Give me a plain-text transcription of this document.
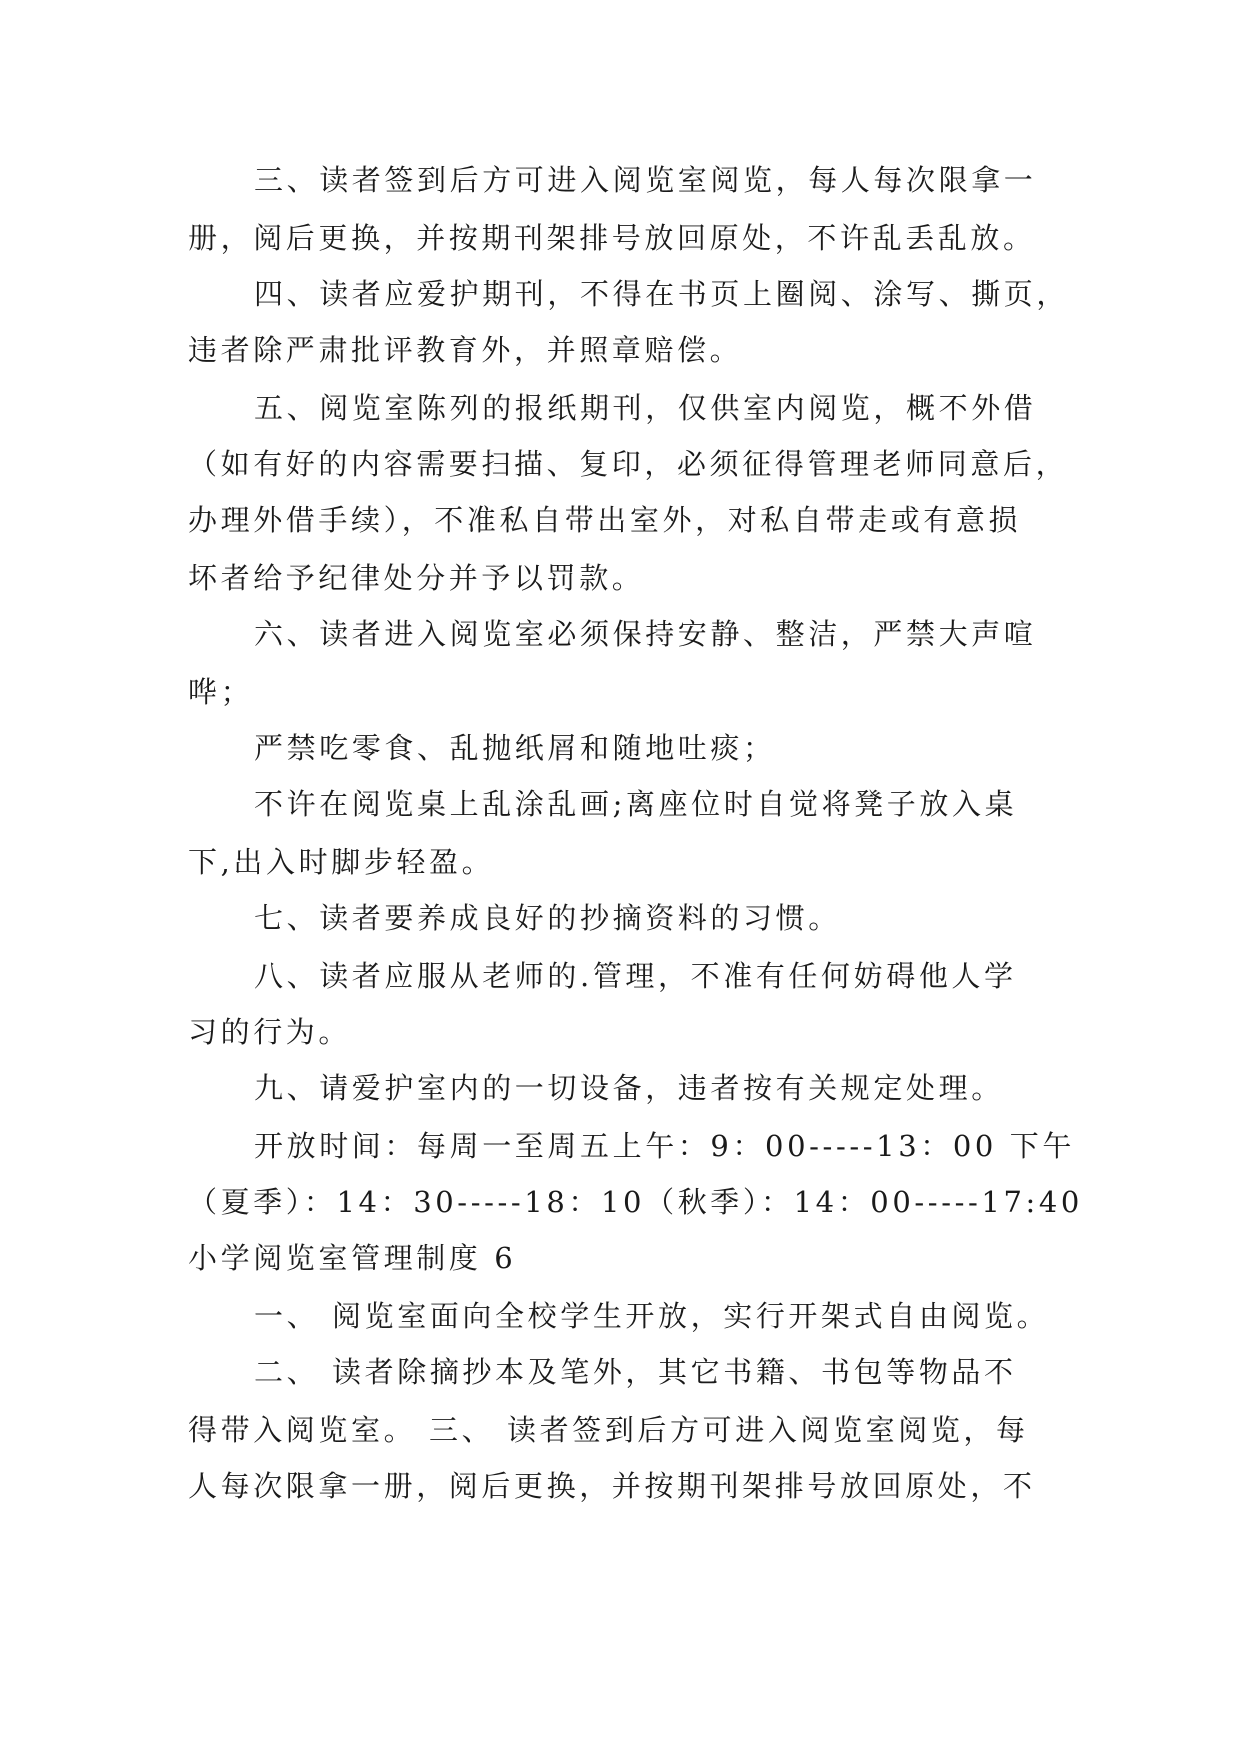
三、读者签到后方可进入阅览室阅览，每人每次限拿一
册，阅后更换，并按期刊架排号放回原处，不许乱丢乱放。
四、读者应爱护期刊，不得在书页上圈阅、涂写、撕页，
违者除严肃批评教育外，并照章赔偿。
五、阅览室陈列的报纸期刊，仅供室内阅览，概不外借
（如有好的内容需要扫描、复印，必须征得管理老师同意后，
办理外借手续），不准私自带出室外，对私自带走或有意损
坏者给予纪律处分并予以罚款。
六、读者进入阅览室必须保持安静、整洁，严禁大声喧
哗；
严禁吃零食、乱抛纸屑和随地吐痰；
不许在阅览桌上乱涂乱画;离座位时自觉将凳子放入桌
下,出入时脚步轻盈。
七、读者要养成良好的抄摘资料的习惯。
八、读者应服从老师的.管理，不准有任何妨碍他人学
习的行为。
九、请爱护室内的一切设备，违者按有关规定处理。
开放时间：每周一至周五上午：9：00-----13：00 下午
（夏季）：14：30-----18：10（秋季）：14：00-----17:40
小学阅览室管理制度 6
一、 阅览室面向全校学生开放，实行开架式自由阅览。
二、 读者除摘抄本及笔外，其它书籍、书包等物品不
得带入阅览室。 三、 读者签到后方可进入阅览室阅览，每
人每次限拿一册，阅后更换，并按期刊架排号放回原处，不
